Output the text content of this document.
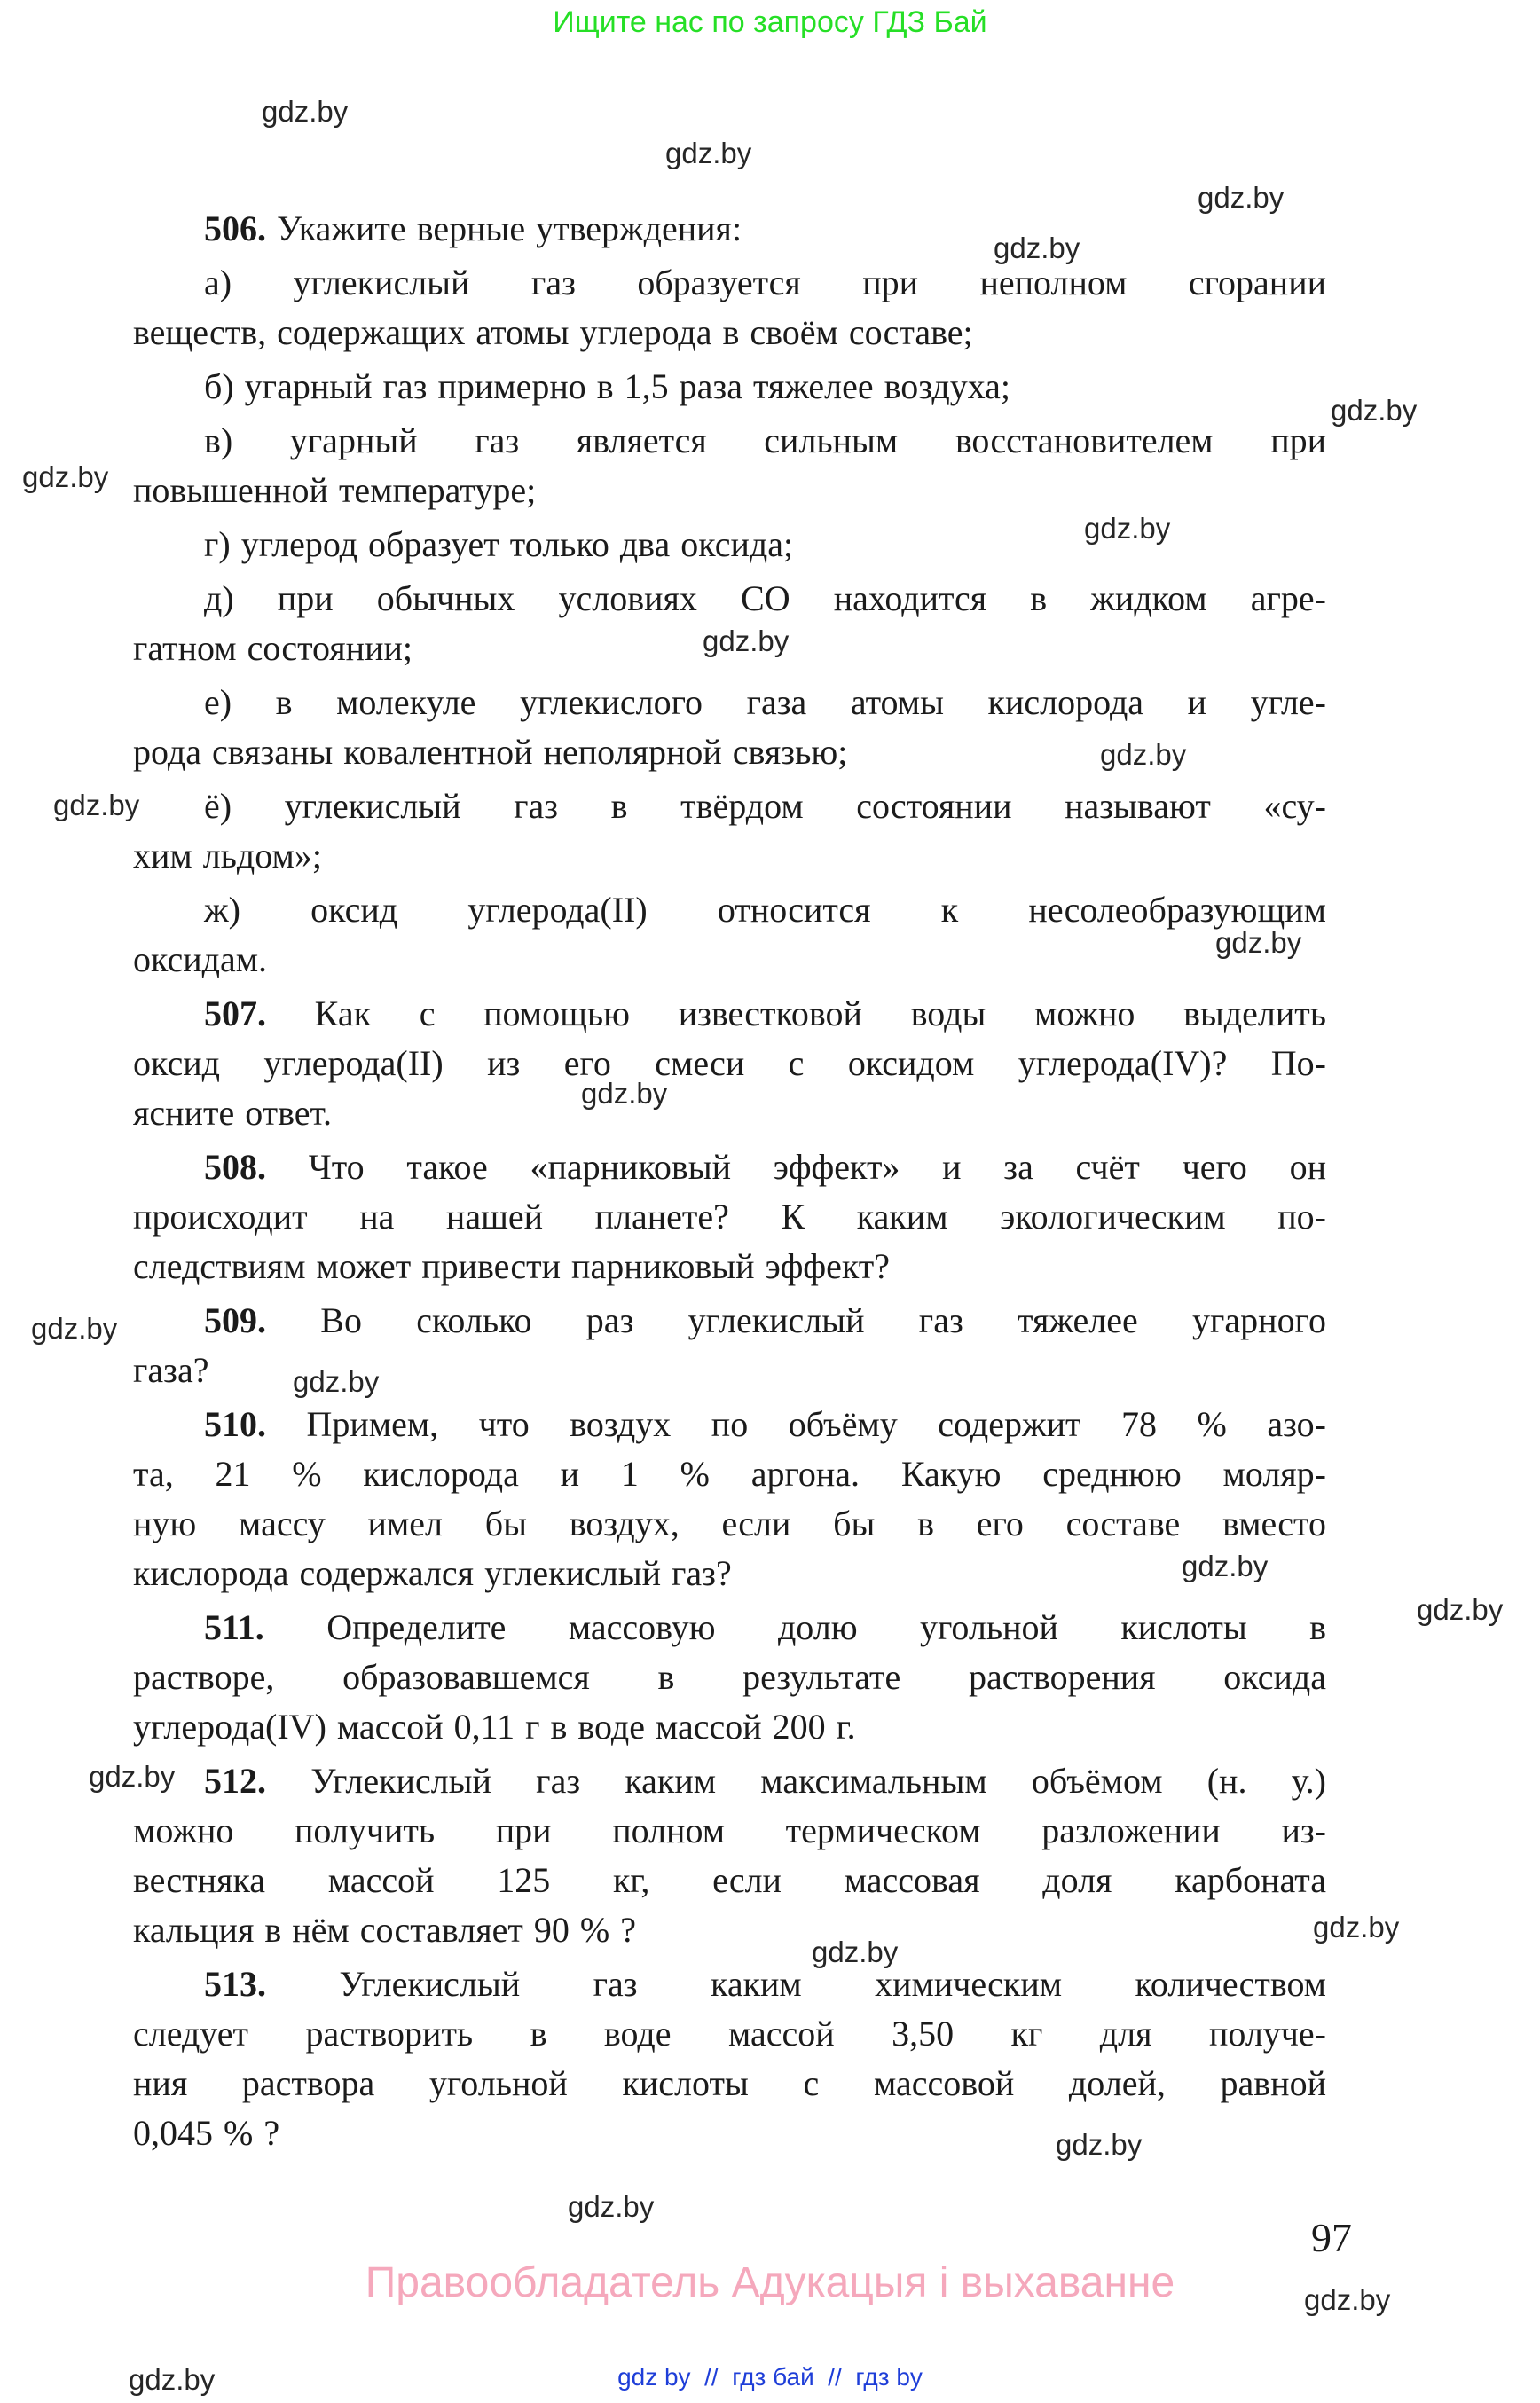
Ищите нас по запросу ГДЗ Бай
gdz.by
gdz.by
gdz.by
gdz.by
gdz.by
gdz.by
gdz.by
gdz.by
gdz.by
gdz.by
gdz.by
gdz.by
gdz.by
gdz.by
gdz.by
gdz.by
gdz.by
gdz.by
gdz.by
gdz.by
gdz.by
gdz.by
gdz.by
506. Укажите верные утверждения:
а) углекислый газ образуется при неполном сгорании
веществ, содержащих атомы углерода в своём составе;
б) угарный газ примерно в 1,5 раза тяжелее воздуха;
в) угарный газ является сильным восстановителем при
повышенной температуре;
г) углерод образует только два оксида;
д) при обычных условиях СО находится в жидком агре-
гатном состоянии;
е) в молекуле углекислого газа атомы кислорода и угле-
рода связаны ковалентной неполярной связью;
ё) углекислый газ в твёрдом состоянии называют «су-
хим льдом»;
ж) оксид углерода(II) относится к несолеобразующим
оксидам.
507. Как с помощью известковой воды можно выделить
оксид углерода(II) из его смеси с оксидом углерода(IV)? По-
ясните ответ.
508. Что такое «парниковый эффект» и за счёт чего он
происходит на нашей планете? К каким экологическим по-
следствиям может привести парниковый эффект?
509. Во сколько раз углекислый газ тяжелее угарного
газа?
510. Примем, что воздух по объёму содержит 78 % азо-
та, 21 % кислорода и 1 % аргона. Какую среднюю моляр-
ную массу имел бы воздух, если бы в его составе вместо
кислорода содержался углекислый газ?
511. Определите массовую долю угольной кислоты в
растворе, образовавшемся в результате растворения оксида
углерода(IV) массой 0,11 г в воде массой 200 г.
512. Углекислый газ каким максимальным объёмом (н. у.)
можно получить при полном термическом разложении из-
вестняка массой 125 кг, если массовая доля карбоната
кальция в нём составляет 90 % ?
513. Углекислый газ каким химическим количеством
следует растворить в воде массой 3,50 кг для получе-
ния раствора угольной кислоты с массовой долей, равной
0,045 % ?
97
Правообладатель Адукацыя і выхаванне
gdz by  //  гдз бай  //  гдз by
